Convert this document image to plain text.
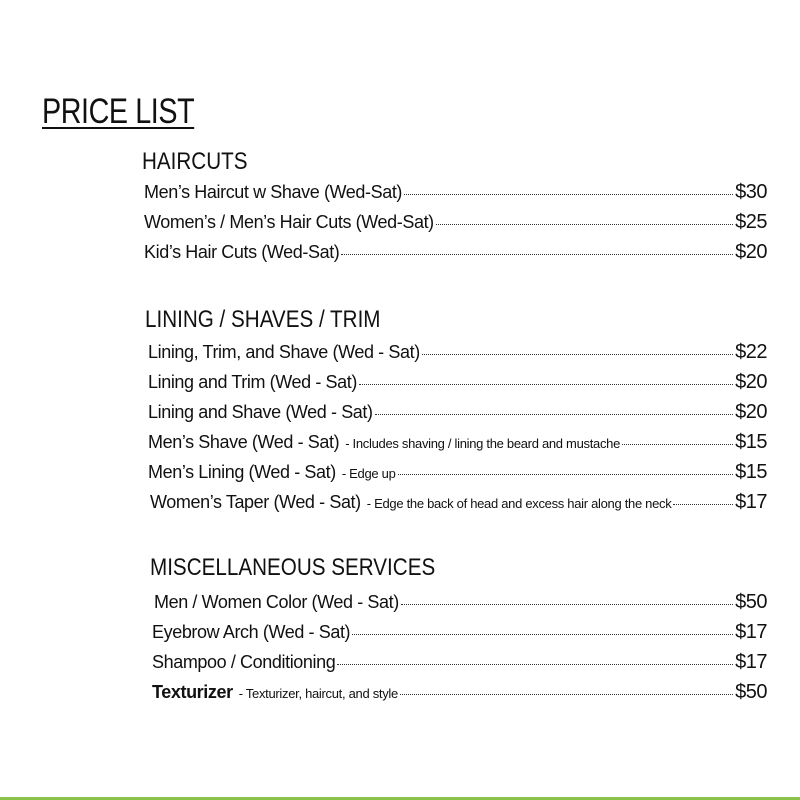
PRICE LIST
HAIRCUTS
Men’s Haircut w Shave (Wed-Sat)	$30
Women’s / Men’s Hair Cuts (Wed-Sat)	$25
Kid’s Hair Cuts (Wed-Sat)	$20
LINING / SHAVES / TRIM
Lining, Trim, and Shave (Wed - Sat)	$22
Lining and Trim (Wed - Sat)	$20
Lining and Shave (Wed - Sat)	$20
Men’s Shave (Wed - Sat) - Includes shaving / lining the beard and mustache	$15
Men’s Lining (Wed - Sat) - Edge up	$15
Women’s Taper (Wed - Sat) - Edge the back of head and excess hair along the neck	$17
MISCELLANEOUS SERVICES
Men / Women Color (Wed - Sat)	$50
Eyebrow Arch (Wed - Sat)	$17
Shampoo / Conditioning	$17
Texturizer - Texturizer, haircut, and style	$50
